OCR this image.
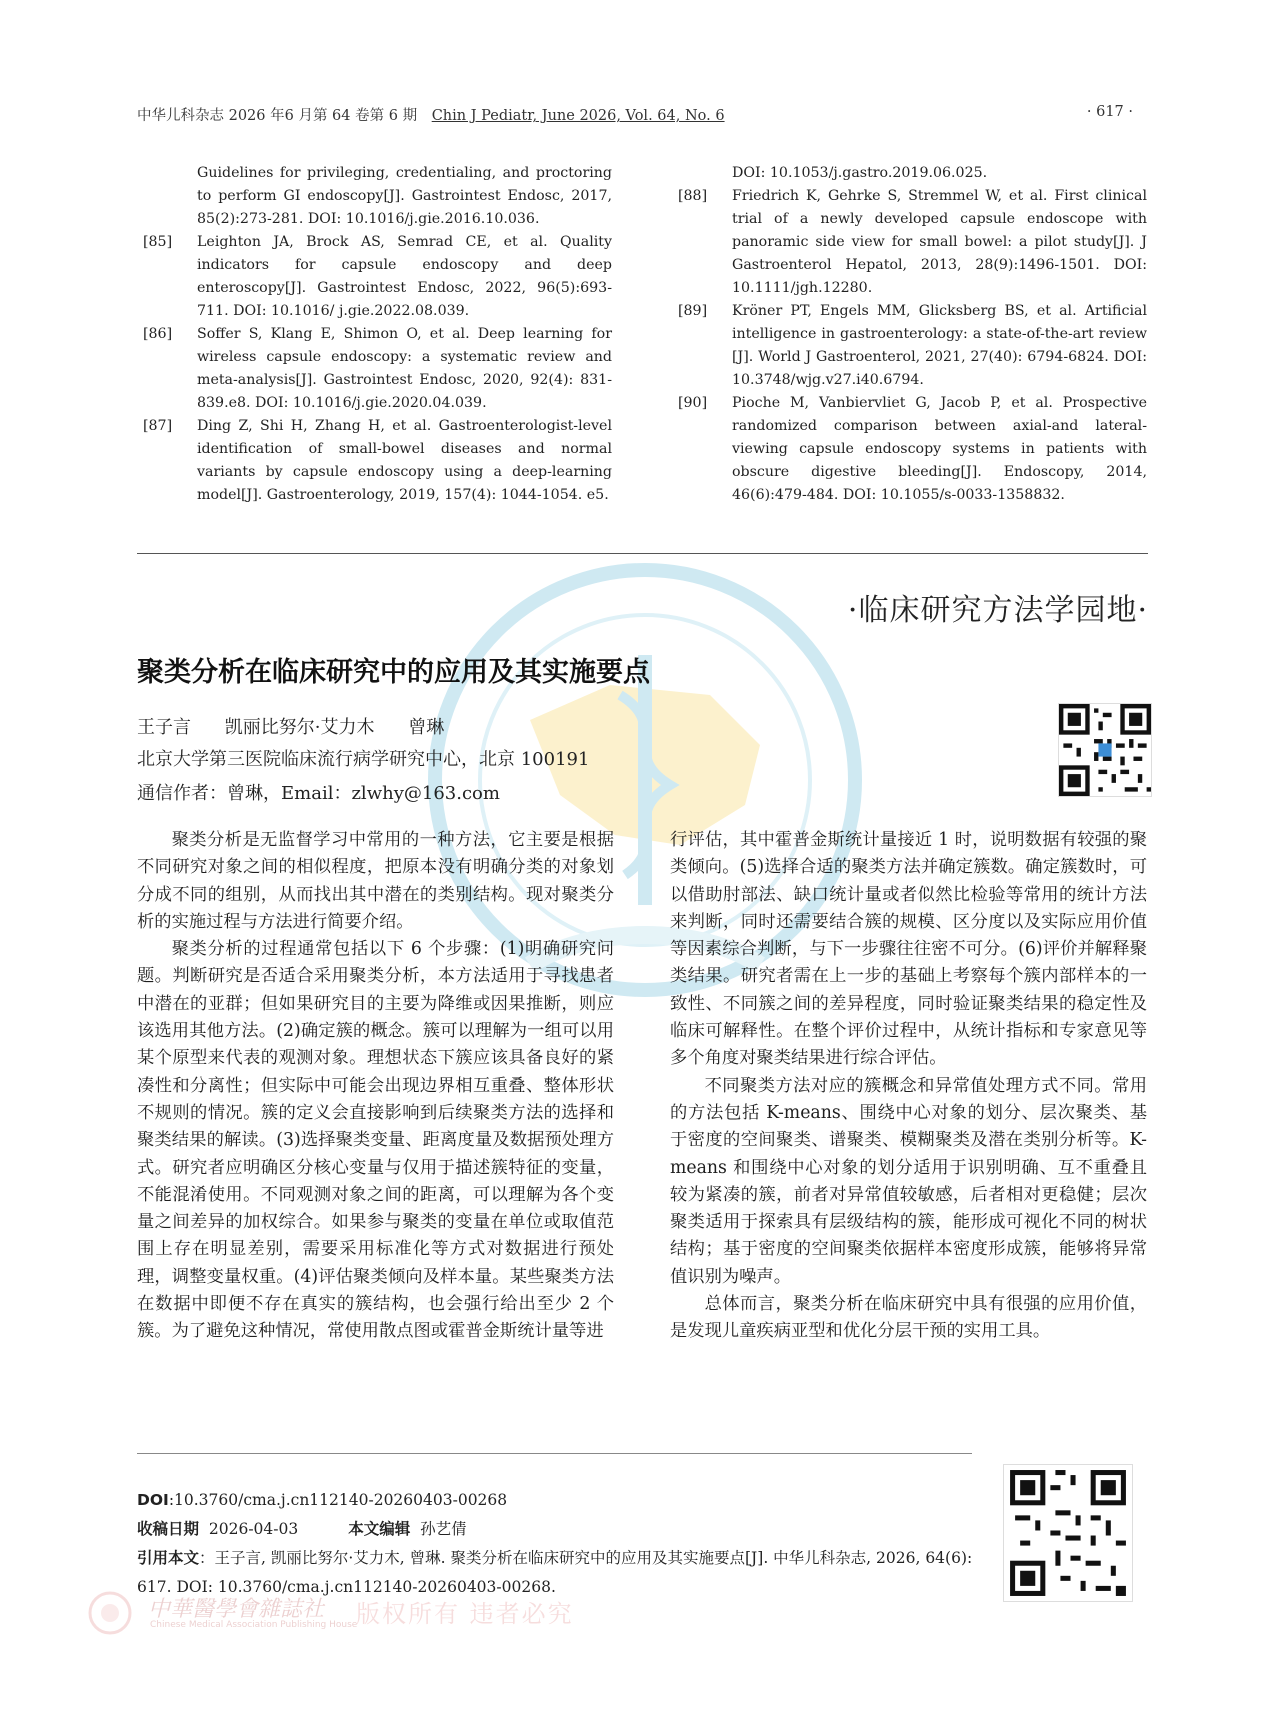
中华儿科杂志 2026 年6 月第 64 卷第 6 期 Chin J Pediatr, June 2026, Vol. 64, No. 6	· 617 ·
Guidelines for privileging, credentialing, and proctoring to perform GI endoscopy[J]. Gastrointest Endosc, 2017, 85(2):273-281. DOI: 10.1016/j.gie.2016.10.036.
[85] Leighton JA, Brock AS, Semrad CE, et al. Quality indicators for capsule endoscopy and deep enteroscopy[J]. Gastrointest Endosc, 2022, 96(5):693-711. DOI: 10.1016/ j.gie.2022.08.039.
[86] Soffer S, Klang E, Shimon O, et al. Deep learning for wireless capsule endoscopy: a systematic review and meta-analysis[J]. Gastrointest Endosc, 2020, 92(4): 831-839.e8. DOI: 10.1016/j.gie.2020.04.039.
[87] Ding Z, Shi H, Zhang H, et al. Gastroenterologist-level identification of small-bowel diseases and normal variants by capsule endoscopy using a deep-learning model[J]. Gastroenterology, 2019, 157(4): 1044-1054. e5.
DOI: 10.1053/j.gastro.2019.06.025.
[88] Friedrich K, Gehrke S, Stremmel W, et al. First clinical trial of a newly developed capsule endoscope with panoramic side view for small bowel: a pilot study[J]. J Gastroenterol Hepatol, 2013, 28(9):1496-1501. DOI: 10.1111/jgh.12280.
[89] Kröner PT, Engels MM, Glicksberg BS, et al. Artificial intelligence in gastroenterology: a state-of-the-art review [J]. World J Gastroenterol, 2021, 27(40): 6794-6824. DOI: 10.3748/wjg.v27.i40.6794.
[90] Pioche M, Vanbiervliet G, Jacob P, et al. Prospective randomized comparison between axial-and lateral-viewing capsule endoscopy systems in patients with obscure digestive bleeding[J]. Endoscopy, 2014, 46(6):479-484. DOI: 10.1055/s-0033-1358832.
·临床研究方法学园地·
聚类分析在临床研究中的应用及其实施要点
王子言 凯丽比努尔·艾力木 曾琳
北京大学第三医院临床流行病学研究中心，北京 100191
通信作者：曾琳，Email：zlwhy@163.com

聚类分析是无监督学习中常用的一种方法，它主要是根据不同研究对象之间的相似程度，把原本没有明确分类的对象划分成不同的组别，从而找出其中潜在的类别结构。现对聚类分析的实施过程与方法进行简要介绍。

聚类分析的过程通常包括以下 6 个步骤：(1)明确研究问题。判断研究是否适合采用聚类分析，本方法适用于寻找患者中潜在的亚群；但如果研究目的主要为降维或因果推断，则应该选用其他方法。(2)确定簇的概念。簇可以理解为一组可以用某个原型来代表的观测对象。理想状态下簇应该具备良好的紧凑性和分离性；但实际中可能会出现边界相互重叠、整体形状不规则的情况。簇的定义会直接影响到后续聚类方法的选择和聚类结果的解读。(3)选择聚类变量、距离度量及数据预处理方式。研究者应明确区分核心变量与仅用于描述簇特征的变量，不能混淆使用。不同观测对象之间的距离，可以理解为各个变量之间差异的加权综合。如果参与聚类的变量在单位或取值范围上存在明显差别，需要采用标准化等方式对数据进行预处理，调整变量权重。(4)评估聚类倾向及样本量。某些聚类方法在数据中即便不存在真实的簇结构，也会强行给出至少 2 个簇。为了避免这种情况，常使用散点图或霍普金斯统计量等进

行评估，其中霍普金斯统计量接近 1 时，说明数据有较强的聚类倾向。(5)选择合适的聚类方法并确定簇数。确定簇数时，可以借助肘部法、缺口统计量或者似然比检验等常用的统计方法来判断，同时还需要结合簇的规模、区分度以及实际应用价值等因素综合判断，与下一步骤往往密不可分。(6)评价并解释聚类结果。研究者需在上一步的基础上考察每个簇内部样本的一致性、不同簇之间的差异程度，同时验证聚类结果的稳定性及临床可解释性。在整个评价过程中，从统计指标和专家意见等多个角度对聚类结果进行综合评估。

不同聚类方法对应的簇概念和异常值处理方式不同。常用的方法包括 K-means、围绕中心对象的划分、层次聚类、基于密度的空间聚类、谱聚类、模糊聚类及潜在类别分析等。K-means 和围绕中心对象的划分适用于识别明确、互不重叠且较为紧凑的簇，前者对异常值较敏感，后者相对更稳健；层次聚类适用于探索具有层级结构的簇，能形成可视化不同的树状结构；基于密度的空间聚类依据样本密度形成簇，能够将异常值识别为噪声。

总体而言，聚类分析在临床研究中具有很强的应用价值，是发现儿童疾病亚型和优化分层干预的实用工具。

DOI:10.3760/cma.j.cn112140-20260403-00268
收稿日期 2026-04-03	本文编辑 孙艺倩
引用本文：王子言, 凯丽比努尔·艾力木, 曾琳. 聚类分析在临床研究中的应用及其实施要点[J]. 中华儿科杂志, 2026, 64(6): 617. DOI: 10.3760/cma.j.cn112140-20260403-00268.
中華醫學會雜誌社
Chinese Medical Association Publishing House
版权所有 违者必究
